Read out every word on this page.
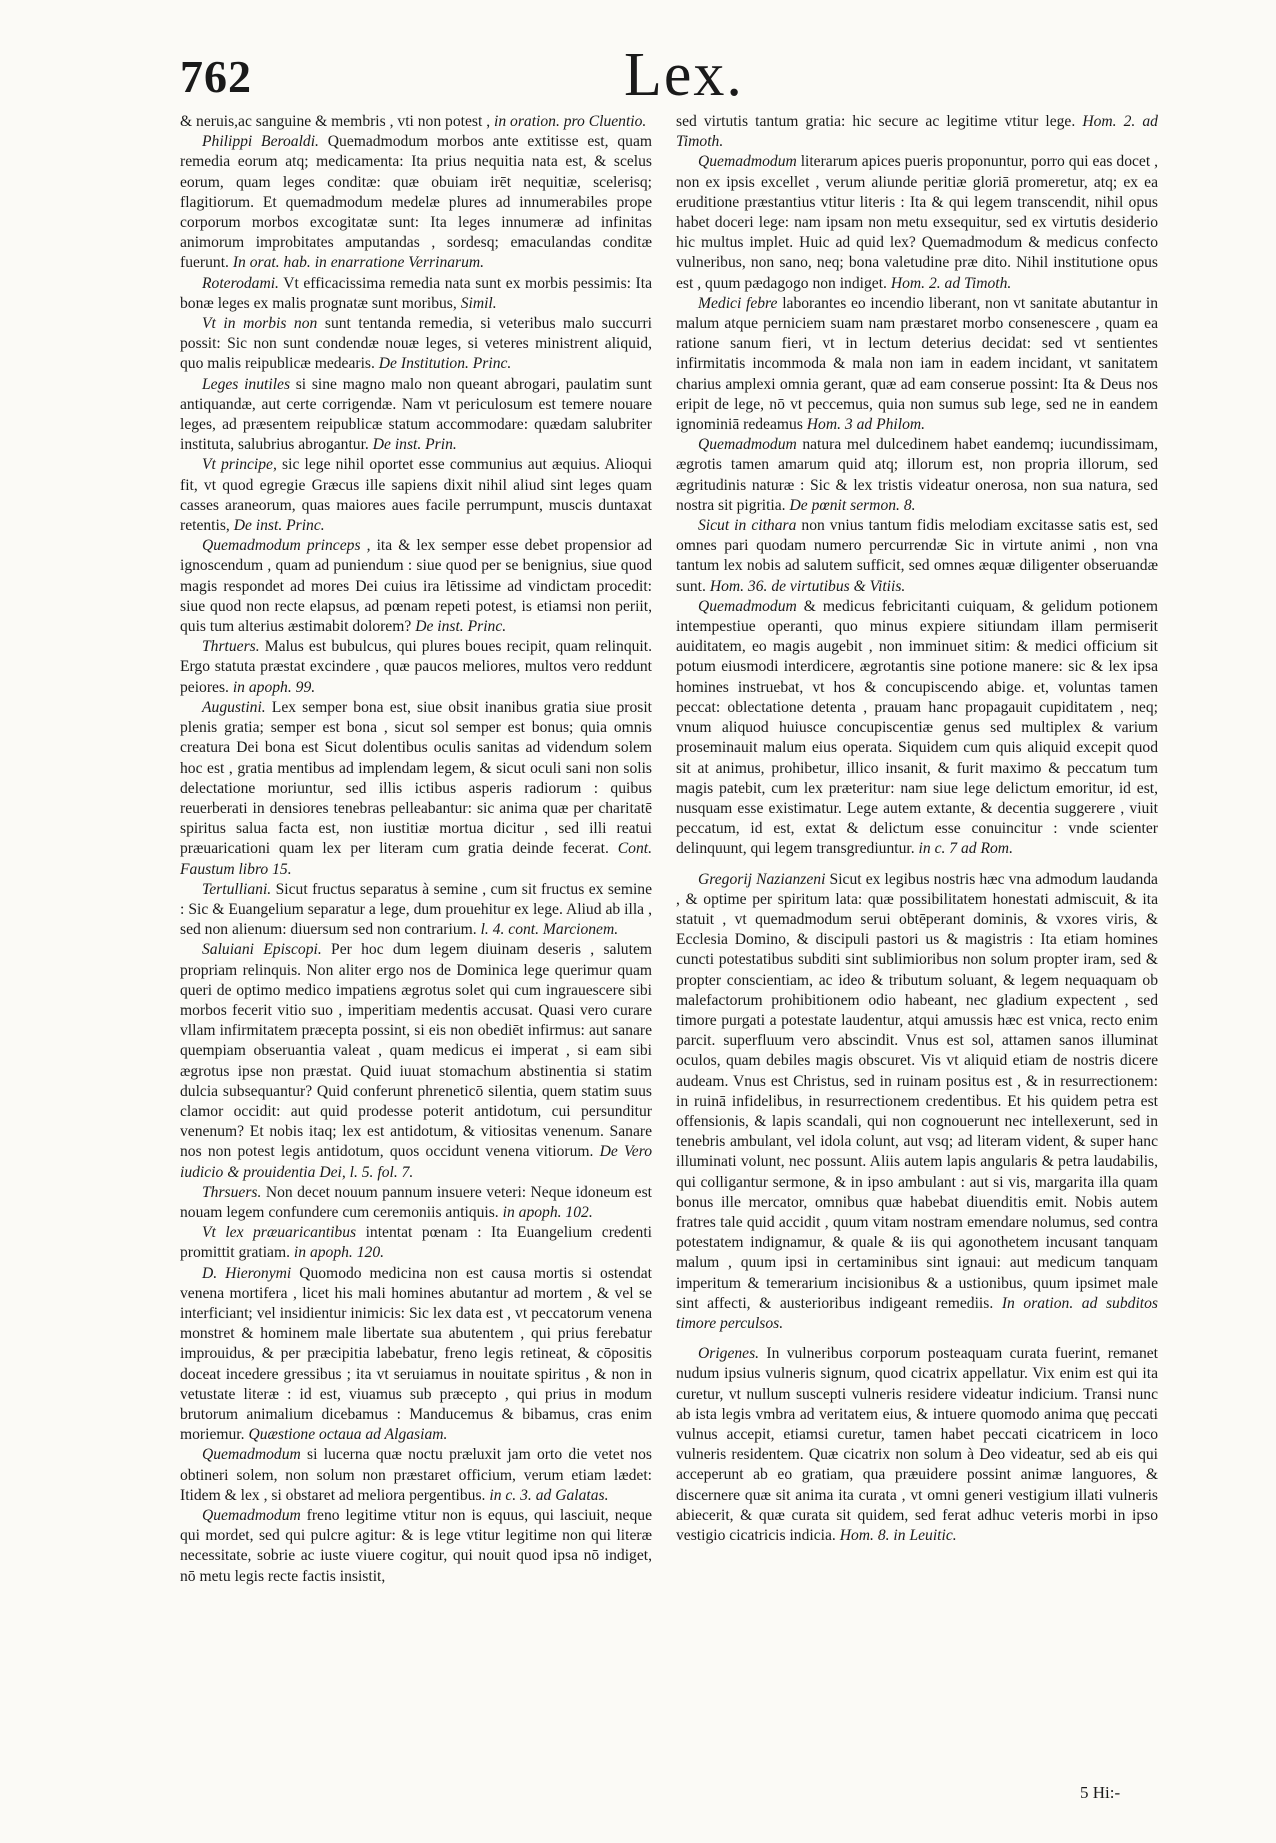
762	Lex.

& neruis,ac sanguine & membris , vti non potest , in oration. pro Cluentio.

Philippi Beroaldi. Quemadmodum morbos ante extitisse est, quam remedia eorum atq; medicamenta: Ita prius nequitia nata est, & scelus eorum, quam leges conditæ: quæ obuiam irēt nequitiæ, scelerisq; flagitiorum. Et quemadmodum medelæ plures ad innumerabiles prope corporum morbos excogitatæ sunt: Ita leges innumeræ ad infinitas animorum improbitates amputandas , sordesq; emaculandas conditæ fuerunt. In orat. hab. in enarratione Verrinarum.

Roterodami. Vt efficacissima remedia nata sunt ex morbis pessimis: Ita bonæ leges ex malis prognatæ sunt moribus, Simil.

Vt in morbis non sunt tentanda remedia, si veteribus malo succurri possit: Sic non sunt condendæ nouæ leges, si veteres ministrent aliquid, quo malis reipublicæ medearis. De Institution. Princ.

Leges inutiles si sine magno malo non queant abrogari, paulatim sunt antiquandæ, aut certe corrigendæ. Nam vt periculosum est temere nouare leges, ad præsentem reipublicæ statum accommodare: quædam salubriter instituta, salubrius abrogantur. De inst. Prin.

Vt principe, sic lege nihil oportet esse communius aut æquius. Alioqui fit, vt quod egregie Græcus ille sapiens dixit nihil aliud sint leges quam casses araneorum, quas maiores aues facile perrumpunt, muscis duntaxat retentis, De inst. Princ.

Quemadmodum princeps , ita & lex semper esse debet propensior ad ignoscendum , quam ad puniendum : siue quod per se benignius, siue quod magis respondet ad mores Dei cuius ira lētissime ad vindictam procedit: siue quod non recte elapsus, ad pœnam repeti potest, is etiamsi non periit, quis tum alterius æstimabit dolorem? De inst. Princ.

Thrtuers. Malus est bubulcus, qui plures boues recipit, quam relinquit. Ergo statuta præstat excindere , quæ paucos meliores, multos vero reddunt peiores. in apoph. 99.

Augustini. Lex semper bona est, siue obsit inanibus gratia siue prosit plenis gratia; semper est bona , sicut sol semper est bonus; quia omnis creatura Dei bona est Sicut dolentibus oculis sanitas ad videndum solem hoc est , gratia mentibus ad implendam legem, & sicut oculi sani non solis delectatione moriuntur, sed illis ictibus asperis radiorum : quibus reuerberati in densiores tenebras pelleabantur: sic anima quæ per charitatē spiritus salua facta est, non iustitiæ mortua dicitur , sed illi reatui præuaricationi quam lex per literam cum gratia deinde fecerat. Cont. Faustum libro 15.

Tertulliani. Sicut fructus separatus à semine , cum sit fructus ex semine : Sic & Euangelium separatur a lege, dum prouehitur ex lege. Aliud ab illa , sed non alienum: diuersum sed non contrarium. l. 4. cont. Marcionem.

Saluiani Episcopi. Per hoc dum legem diuinam deseris , salutem propriam relinquis. Non aliter ergo nos de Dominica lege querimur quam queri de optimo medico impatiens ægrotus solet qui cum ingrauescere sibi morbos fecerit vitio suo , imperitiam medentis accusat. Quasi vero curare vllam infirmitatem præcepta possint, si eis non obediēt infirmus: aut sanare quempiam obseruantia valeat , quam medicus ei imperat , si eam sibi ægrotus ipse non præstat. Quid iuuat stomachum abstinentia si statim dulcia subsequantur? Quid conferunt phreneticō silentia, quem statim suus clamor occidit: aut quid prodesse poterit antidotum, cui persunditur venenum? Et nobis itaq; lex est antidotum, & vitiositas venenum. Sanare nos non potest legis antidotum, quos occidunt venena vitiorum. De Vero iudicio & prouidentia Dei, l. 5. fol. 7.

Thrsuers. Non decet nouum pannum insuere veteri: Neque idoneum est nouam legem confundere cum ceremoniis antiquis. in apoph. 102.

Vt lex præuaricantibus intentat pœnam : Ita Euangelium credenti promittit gratiam. in apoph. 120.

D. Hieronymi Quomodo medicina non est causa mortis si ostendat venena mortifera , licet his mali homines abutantur ad mortem , & vel se interficiant; vel insidientur inimicis: Sic lex data est , vt peccatorum venena monstret & hominem male libertate sua abutentem , qui prius ferebatur improuidus, & per præcipitia labebatur, freno legis retineat, & cōpositis doceat incedere gressibus ; ita vt seruiamus in nouitate spiritus , & non in vetustate literæ : id est, viuamus sub præcepto , qui prius in modum brutorum animalium dicebamus : Manducemus & bibamus, cras enim moriemur. Quæstione octaua ad Algasiam.

Quemadmodum si lucerna quæ noctu præluxit jam orto die vetet nos obtineri solem, non solum non præstaret officium, verum etiam lædet: Itidem & lex , si obstaret ad meliora pergentibus. in c. 3. ad Galatas.

Quemadmodum freno legitime vtitur non is equus, qui lasciuit, neque qui mordet, sed qui pulcre agitur: & is lege vtitur legitime non qui literæ necessitate, sobrie ac iuste viuere cogitur, qui nouit quod ipsa nō indiget, nō metu legis recte factis insistit,

sed virtutis tantum gratia: hic secure ac legitime vtitur lege. Hom. 2. ad Timoth.

Quemadmodum literarum apices pueris proponuntur, porro qui eas docet , non ex ipsis excellet , verum aliunde peritiæ gloriā promeretur, atq; ex ea eruditione præstantius vtitur literis : Ita & qui legem transcendit, nihil opus habet doceri lege: nam ipsam non metu exsequitur, sed ex virtutis desiderio hic multus implet. Huic ad quid lex? Quemadmodum & medicus confecto vulneribus, non sano, neq; bona valetudine præ dito. Nihil institutione opus est , quum pædagogo non indiget. Hom. 2. ad Timoth.

Medici febre laborantes eo incendio liberant, non vt sanitate abutantur in malum atque perniciem suam nam præstaret morbo consenescere , quam ea ratione sanum fieri, vt in lectum deterius decidat: sed vt sentientes infirmitatis incommoda & mala non iam in eadem incidant, vt sanitatem charius amplexi omnia gerant, quæ ad eam conserue possint: Ita & Deus nos eripit de lege, nō vt peccemus, quia non sumus sub lege, sed ne in eandem ignominiā redeamus Hom. 3 ad Philom.

Quemadmodum natura mel dulcedinem habet eandemq; iucundissimam, ægrotis tamen amarum quid atq; illorum est, non propria illorum, sed ægritudinis naturæ : Sic & lex tristis videatur onerosa, non sua natura, sed nostra sit pigritia. De pœnit sermon. 8.

Sicut in cithara non vnius tantum fidis melodiam excitasse satis est, sed omnes pari quodam numero percurrendæ Sic in virtute animi , non vna tantum lex nobis ad salutem sufficit, sed omnes æquæ diligenter obseruandæ sunt. Hom. 36. de virtutibus & Vitiis.

Quemadmodum & medicus febricitanti cuiquam, & gelidum potionem intempestiue operanti, quo minus expiere sitiundam illam permiserit auiditatem, eo magis augebit , non imminuet sitim: & medici officium sit potum eiusmodi interdicere, ægrotantis sine potione manere: sic & lex ipsa homines instruebat, vt hos & concupiscendo abige. et, voluntas tamen peccat: oblectatione detenta , prauam hanc propagauit cupiditatem , neq; vnum aliquod huiusce concupiscentiæ genus sed multiplex & varium proseminauit malum eius operata. Siquidem cum quis aliquid excepit quod sit at animus, prohibetur, illico insanit, & furit maximo & peccatum tum magis patebit, cum lex præteritur: nam siue lege delictum emoritur, id est, nusquam esse existimatur. Lege autem extante, & decentia suggerere , viuit peccatum, id est, extat & delictum esse conuincitur : vnde scienter delinquunt, qui legem transgrediuntur. in c. 7 ad Rom.

Gregorij Nazianzeni Sicut ex legibus nostris hæc vna admodum laudanda , & optime per spiritum lata: quæ possibilitatem honestati admiscuit, & ita statuit , vt quemadmodum serui obtēperant dominis, & vxores viris, & Ecclesia Domino, & discipuli pastori us & magistris : Ita etiam homines cuncti potestatibus subditi sint sublimioribus non solum propter iram, sed & propter conscientiam, ac ideo & tributum soluant, & legem nequaquam ob malefactorum prohibitionem odio habeant, nec gladium expectent , sed timore purgati a potestate laudentur, atqui amussis hæc est vnica, recto enim parcit. superfluum vero abscindit. Vnus est sol, attamen sanos illuminat oculos, quam debiles magis obscuret. Vis vt aliquid etiam de nostris dicere audeam. Vnus est Christus, sed in ruinam positus est , & in resurrectionem: in ruinā infidelibus, in resurrectionem credentibus. Et his quidem petra est offensionis, & lapis scandali, qui non cognouerunt nec intellexerunt, sed in tenebris ambulant, vel idola colunt, aut vsq; ad literam vident, & super hanc illuminati volunt, nec possunt. Aliis autem lapis angularis & petra laudabilis, qui colligantur sermone, & in ipso ambulant : aut si vis, margarita illa quam bonus ille mercator, omnibus quæ habebat diuenditis emit. Nobis autem fratres tale quid accidit , quum vitam nostram emendare nolumus, sed contra potestatem indignamur, & quale & iis qui agonothetem incusant tanquam malum , quum ipsi in certaminibus sint ignaui: aut medicum tanquam imperitum & temerarium incisionibus & a ustionibus, quum ipsimet male sint affecti, & austerioribus indigeant remediis. In oration. ad subditos timore perculsos.

Origenes. In vulneribus corporum posteaquam curata fuerint, remanet nudum ipsius vulneris signum, quod cicatrix appellatur. Vix enim est qui ita curetur, vt nullum suscepti vulneris residere videatur indicium. Transi nunc ab ista legis vmbra ad veritatem eius, & intuere quomodo anima quę peccati vulnus accepit, etiamsi curetur, tamen habet peccati cicatricem in loco vulneris residentem. Quæ cicatrix non solum à Deo videatur, sed ab eis qui acceperunt ab eo gratiam, qua præuidere possint animæ languores, & discernere quæ sit anima ita curata , vt omni generi vestigium illati vulneris abiecerit, & quæ curata sit quidem, sed ferat adhuc veteris morbi in ipso vestigio cicatricis indicia. Hom. 8. in Leuitic.

5 Hi:-
